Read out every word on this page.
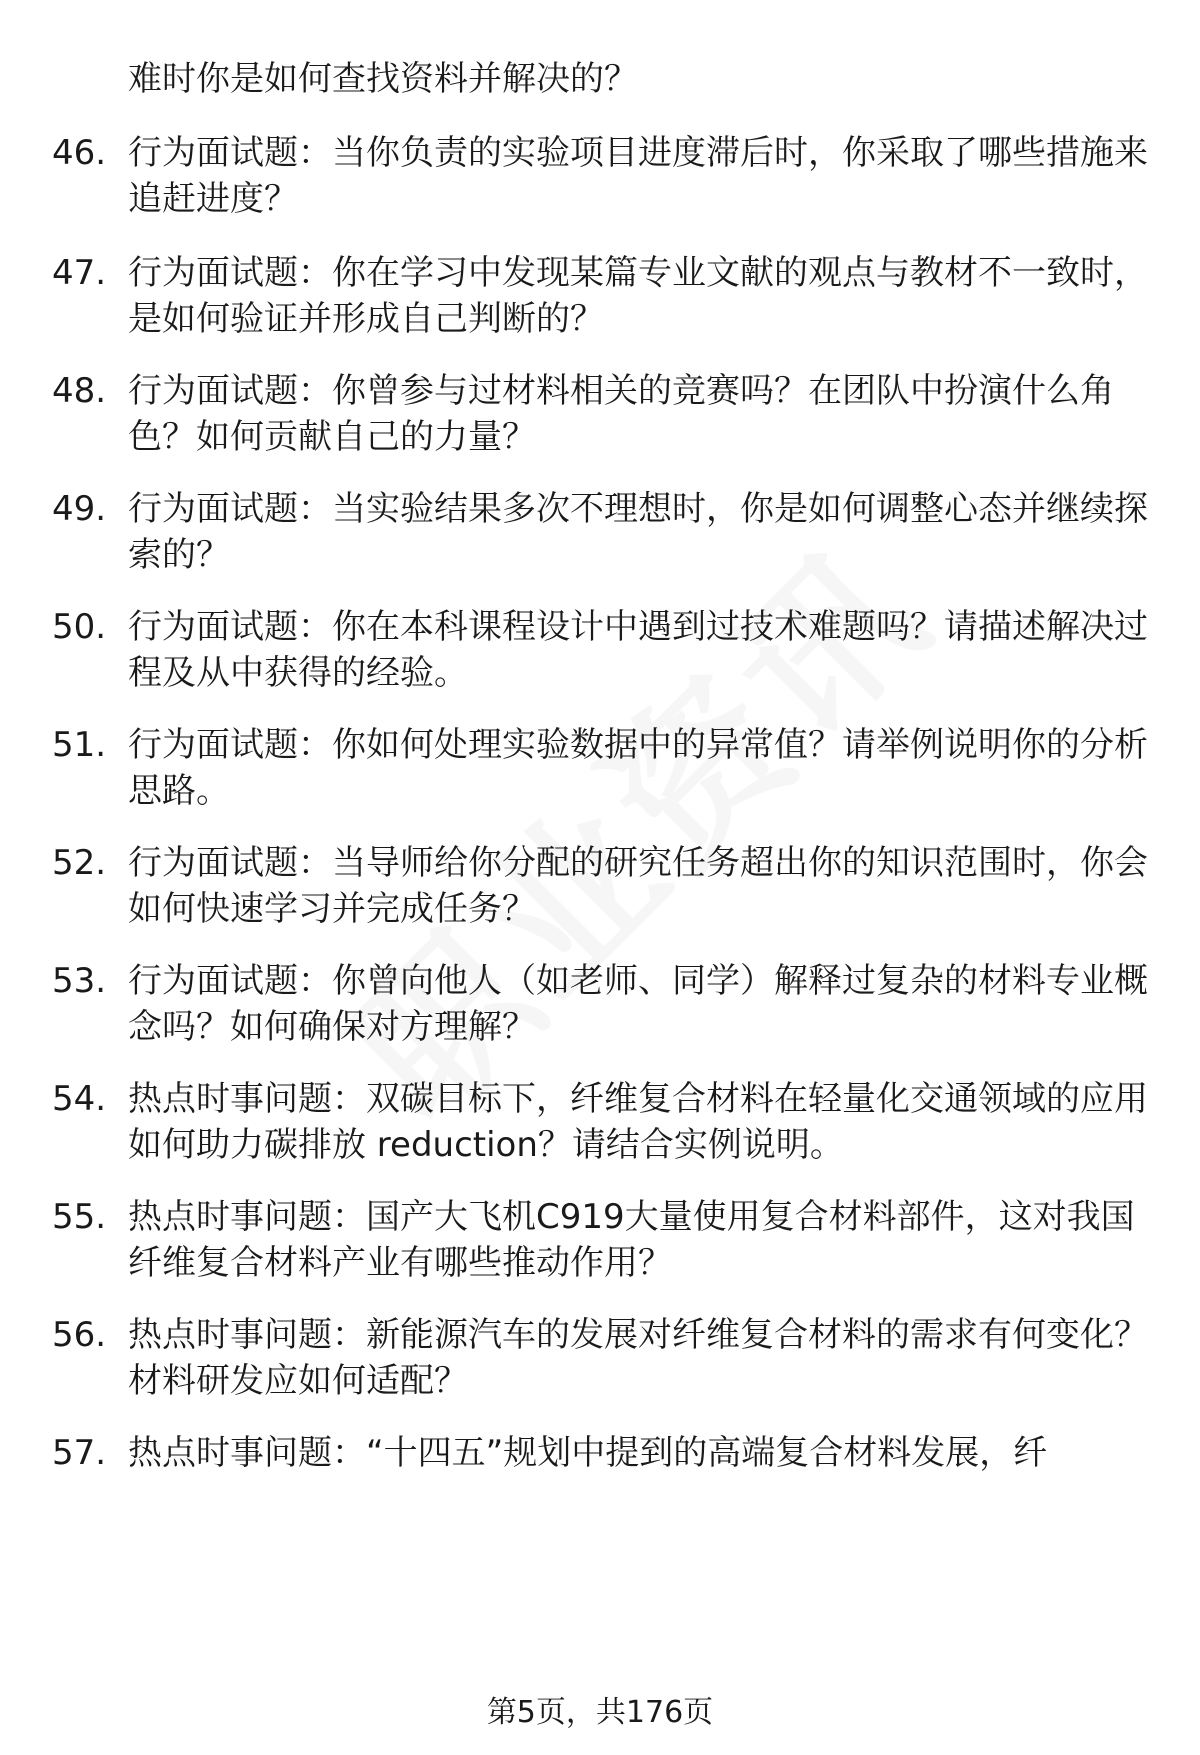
难时你是如何查找资料并解决的？
46. 行为面试题：当你负责的实验项目进度滞后时，你采取了哪些措施来追赶进度？
47. 行为面试题：你在学习中发现某篇专业文献的观点与教材不一致时，是如何验证并形成自己判断的？
48. 行为面试题：你曾参与过材料相关的竞赛吗？在团队中扮演什么角色？如何贡献自己的力量？
49. 行为面试题：当实验结果多次不理想时，你是如何调整心态并继续探索的？
50. 行为面试题：你在本科课程设计中遇到过技术难题吗？请描述解决过程及从中获得的经验。
51. 行为面试题：你如何处理实验数据中的异常值？请举例说明你的分析思路。
52. 行为面试题：当导师给你分配的研究任务超出你的知识范围时，你会如何快速学习并完成任务？
53. 行为面试题：你曾向他人（如老师、同学）解释过复杂的材料专业概念吗？如何确保对方理解？
54. 热点时事问题：双碳目标下，纤维复合材料在轻量化交通领域的应用如何助力碳排放 reduction？请结合实例说明。
55. 热点时事问题：国产大飞机C919大量使用复合材料部件，这对我国纤维复合材料产业有哪些推动作用？
56. 热点时事问题：新能源汽车的发展对纤维复合材料的需求有何变化？材料研发应如何适配？
57. 热点时事问题：“十四五”规划中提到的高端复合材料发展，纤
第5页，共176页
